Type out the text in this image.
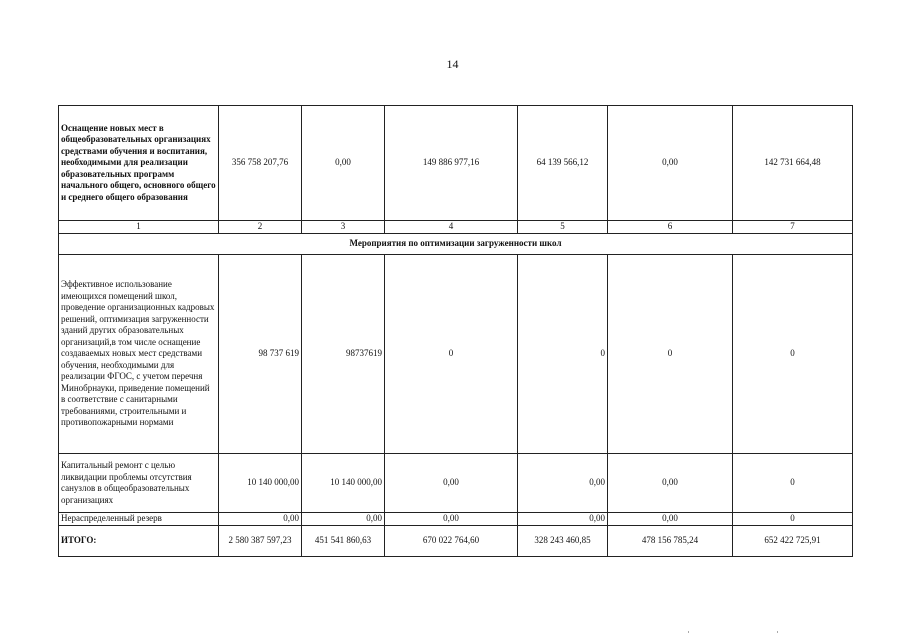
14
Оснащение новых мест в общеобразовательных организациях средствами обучения и воспитания, необходимыми для реализации образовательных программ начального общего, основного общего и среднего общего образования	356 758 207,76	0,00	149 886 977,16	64 139 566,12	0,00	142 731 664,48
1	2	3	4	5	6	7
Мероприятия по оптимизации загруженности школ						
Эффективное использование имеющихся помещений школ, проведение организационных кадровых решений, оптимизация загруженности зданий других образовательных организаций,в том числе оснащение создаваемых новых мест средствами обучения, необходимыми для реализации ФГОС, с учетом перечня Минобрнауки, приведение помещений в соответствие с санитарными требованиями, строительными и противопожарными нормами	98 737 619	98737619	0	0	0	0
Капитальный ремонт с целью ликвидации проблемы отсутствия санузлов в общеобразовательных организациях	10 140 000,00	10 140 000,00	0,00	0,00	0,00	0
Нераспределенный резерв	0,00	0,00	0,00	0,00	0,00	0
ИТОГО:	2 580 387 597,23	451 541 860,63	670 022 764,60	328 243 460,85	478 156 785,24	652 422 725,91
